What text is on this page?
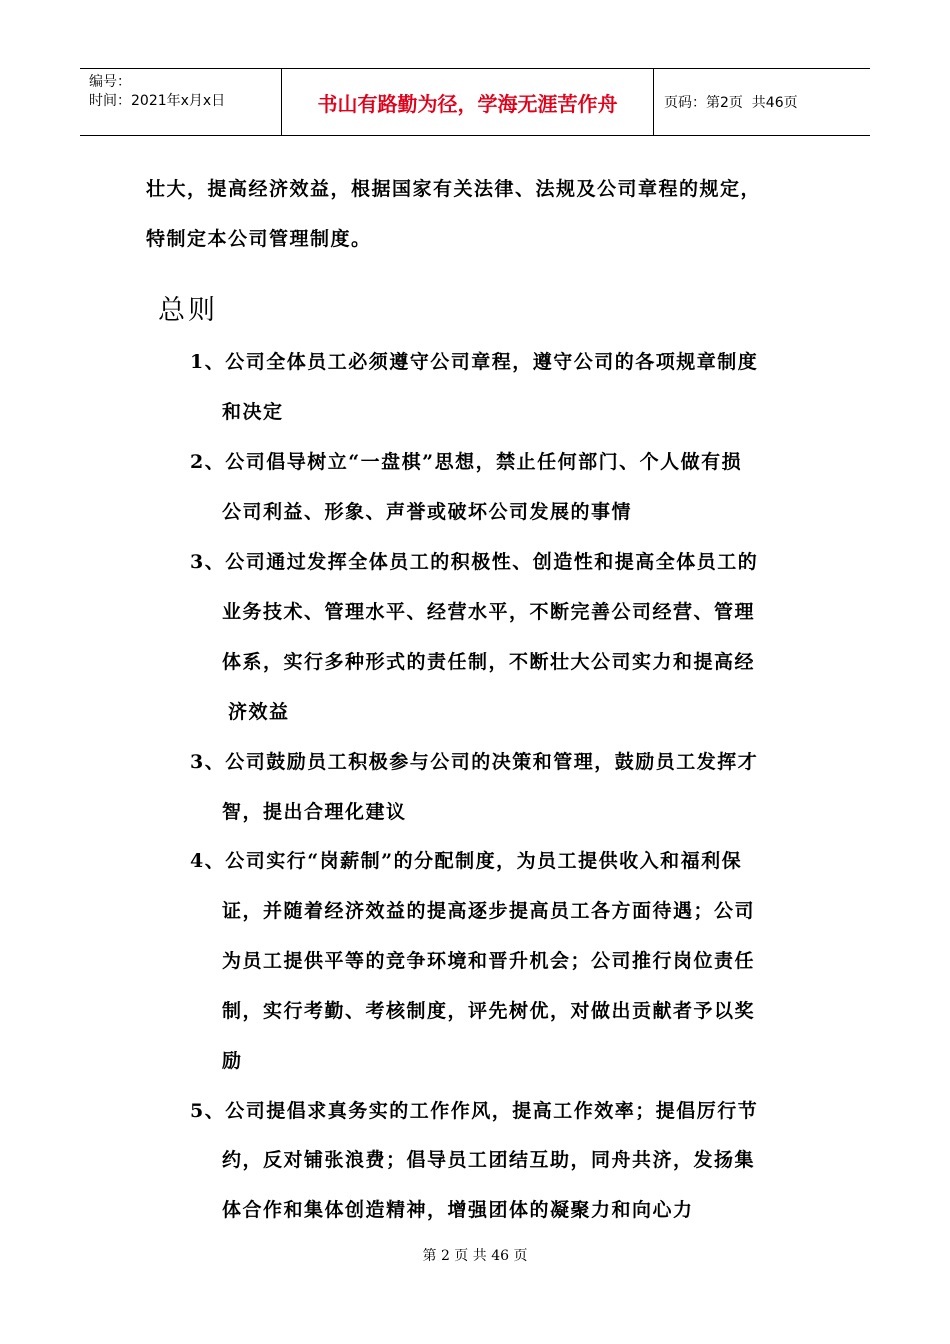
编号：
时间：2021年x月x日	书山有路勤为径，学海无涯苦作舟	页码：第2页  共46页
壮大，提高经济效益，根据国家有关法律、法规及公司章程的规定，
特制定本公司管理制度。
总则
1、公司全体员工必须遵守公司章程，遵守公司的各项规章制度
和决定
2、公司倡导树立“一盘棋”思想，禁止任何部门、个人做有损
公司利益、形象、声誉或破坏公司发展的事情
3、公司通过发挥全体员工的积极性、创造性和提高全体员工的
业务技术、管理水平、经营水平，不断完善公司经营、管理
体系，实行多种形式的责任制，不断壮大公司实力和提高经
济效益
3、公司鼓励员工积极参与公司的决策和管理，鼓励员工发挥才
智，提出合理化建议
4、公司实行“岗薪制”的分配制度，为员工提供收入和福利保
证，并随着经济效益的提高逐步提高员工各方面待遇；公司
为员工提供平等的竞争环境和晋升机会；公司推行岗位责任
制，实行考勤、考核制度，评先树优，对做出贡献者予以奖
励
5、公司提倡求真务实的工作作风，提高工作效率；提倡厉行节
约，反对铺张浪费；倡导员工团结互助，同舟共济，发扬集
体合作和集体创造精神，增强团体的凝聚力和向心力
第 2 页 共 46 页
